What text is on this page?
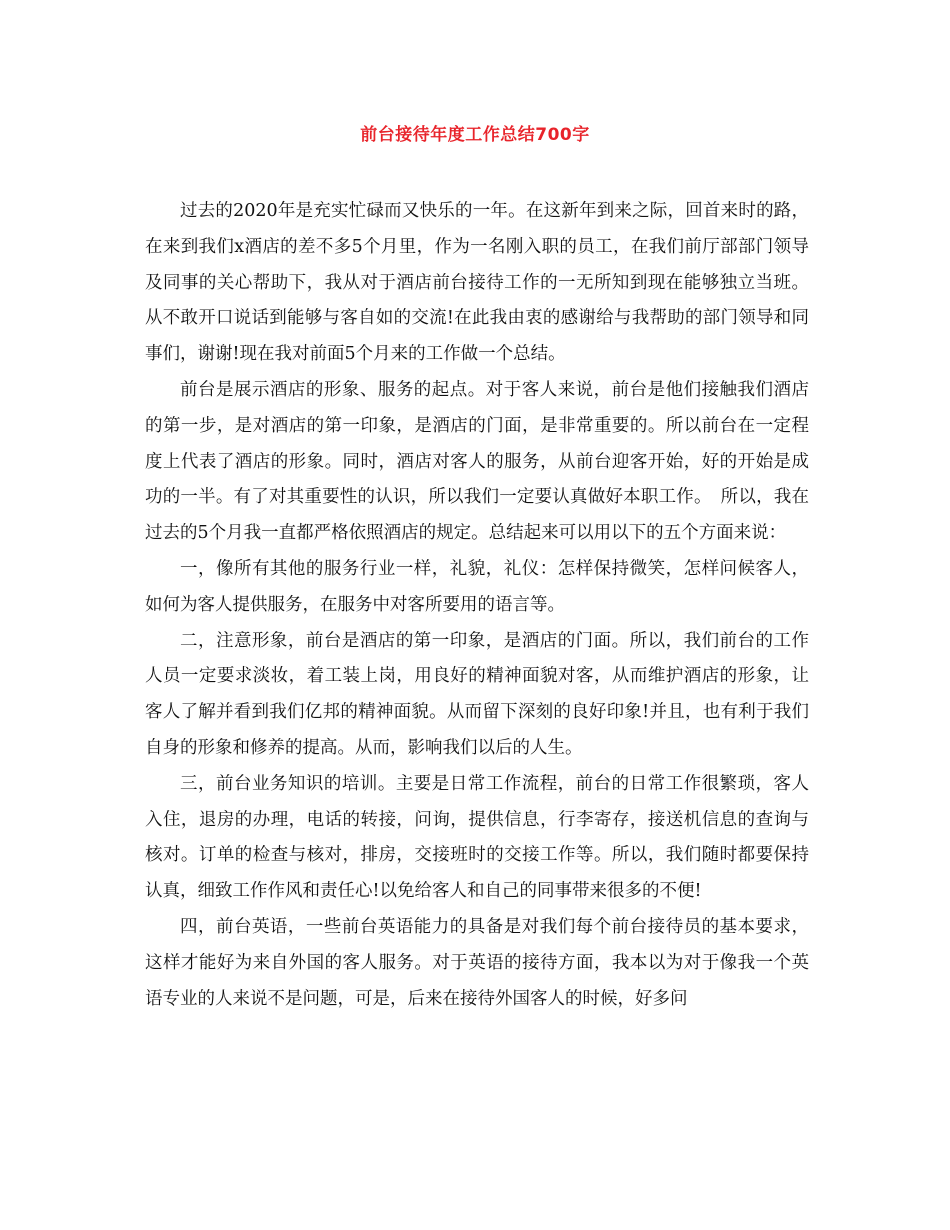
前台接待年度工作总结700字

过去的2020年是充实忙碌而又快乐的一年。在这新年到来之际，回首来时的路，在来到我们x酒店的差不多5个月里，作为一名刚入职的员工，在我们前厅部部门领导及同事的关心帮助下，我从对于酒店前台接待工作的一无所知到现在能够独立当班。从不敢开口说话到能够与客自如的交流!在此我由衷的感谢给与我帮助的部门领导和同事们，谢谢!现在我对前面5个月来的工作做一个总结。

前台是展示酒店的形象、服务的起点。对于客人来说，前台是他们接触我们酒店的第一步，是对酒店的第一印象，是酒店的门面，是非常重要的。所以前台在一定程度上代表了酒店的形象。同时，酒店对客人的服务，从前台迎客开始，好的开始是成功的一半。有了对其重要性的认识，所以我们一定要认真做好本职工作。　所以，我在过去的5个月我一直都严格依照酒店的规定。总结起来可以用以下的五个方面来说：

一，像所有其他的服务行业一样，礼貌，礼仪：怎样保持微笑，怎样问候客人，如何为客人提供服务，在服务中对客所要用的语言等。

二，注意形象，前台是酒店的第一印象，是酒店的门面。所以，我们前台的工作人员一定要求淡妆，着工装上岗，用良好的精神面貌对客，从而维护酒店的形象，让客人了解并看到我们亿邦的精神面貌。从而留下深刻的良好印象!并且，也有利于我们自身的形象和修养的提高。从而，影响我们以后的人生。

三，前台业务知识的培训。主要是日常工作流程，前台的日常工作很繁琐，客人入住，退房的办理，电话的转接，问询，提供信息，行李寄存，接送机信息的查询与核对。订单的检查与核对，排房，交接班时的交接工作等。所以，我们随时都要保持认真，细致工作作风和责任心!以免给客人和自己的同事带来很多的不便!

四，前台英语，一些前台英语能力的具备是对我们每个前台接待员的基本要求，这样才能好为来自外国的客人服务。对于英语的接待方面，我本以为对于像我一个英语专业的人来说不是问题，可是，后来在接待外国客人的时候，好多问
